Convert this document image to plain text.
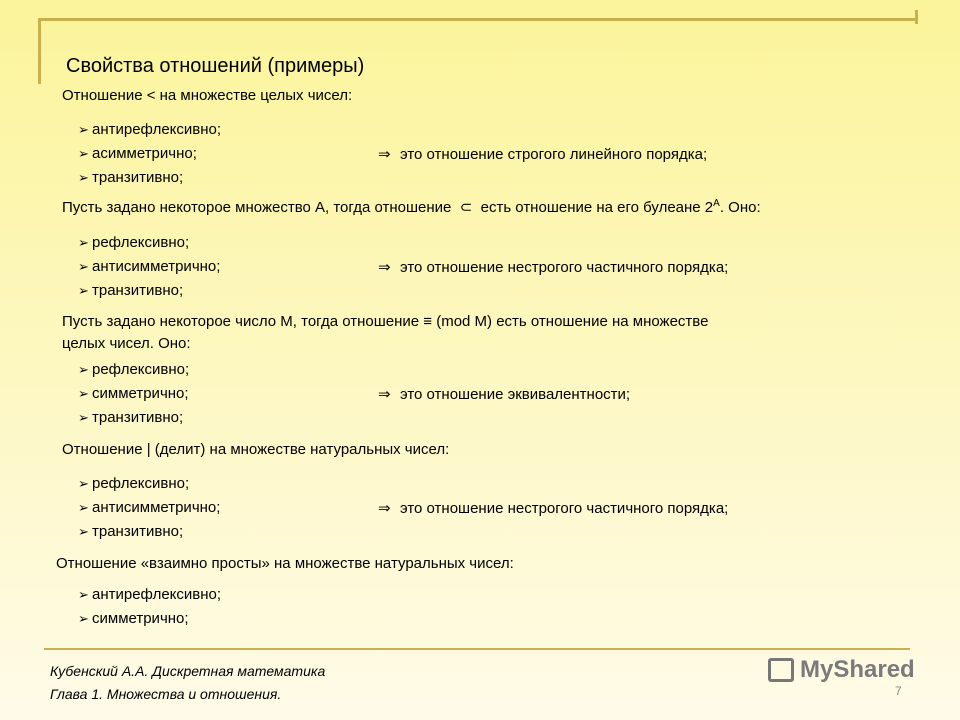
Свойства отношений (примеры)
Отношение < на множестве целых чисел:
➢ антирефлексивно;
➢ асимметрично;
➢ транзитивно;
⇒ это отношение строгого линейного порядка;
Пусть задано некоторое множество A, тогда отношение ⊂ есть отношение на его булеане $2^A$. Оно:
➢ рефлексивно;
➢ антисимметрично;
➢ транзитивно;
⇒ это отношение нестрогого частичного порядка;
Пусть задано некоторое число M, тогда отношение ≡ (mod M) есть отношение на множестве
целых чисел. Оно:
➢ рефлексивно;
➢ симметрично;
➢ транзитивно;
⇒ это отношение эквивалентности;
Отношение | (делит) на множестве натуральных чисел:
➢ рефлексивно;
➢ антисимметрично;
➢ транзитивно;
⇒ это отношение нестрогого частичного порядка;
Отношение «взаимно просты» на множестве натуральных чисел:
➢ антирефлексивно;
➢ симметрично;
Кубенский А.А. Дискретная математика
Глава 1. Множества и отношения.
MyShared
7
